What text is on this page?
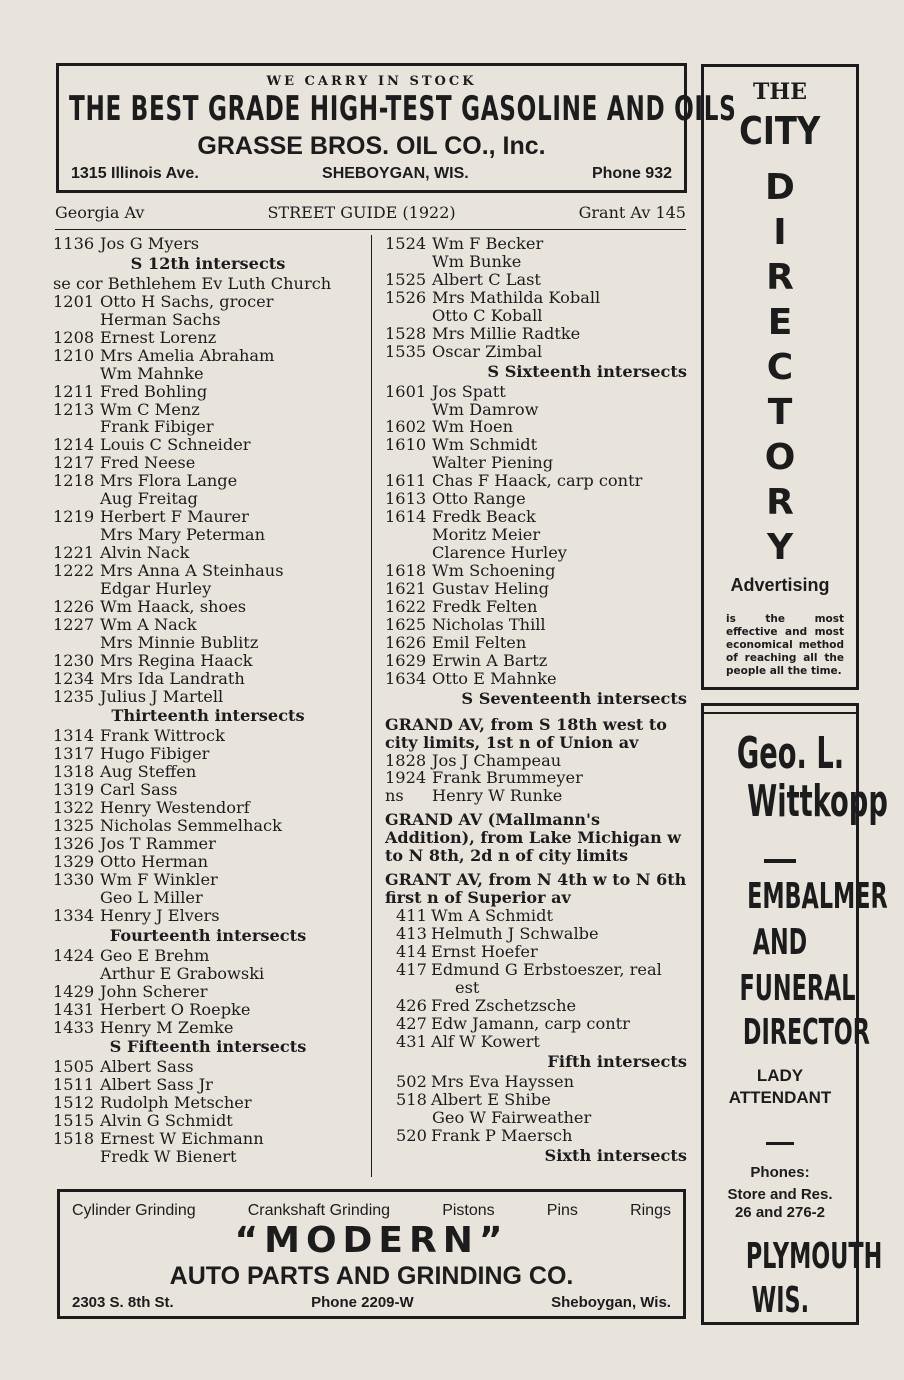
WE CARRY IN STOCK
THE BEST GRADE HIGH-TEST GASOLINE AND OILS
GRASSE BROS. OIL CO., Inc.
1315 Illinois Ave.	SHEBOYGAN, WIS.	Phone 932
Georgia Av	STREET GUIDE (1922)	Grant Av 145
1136 Jos G Myers
S 12th intersects
se cor Bethlehem Ev Luth Church
1201 Otto H Sachs, grocer
Herman Sachs
1208 Ernest Lorenz
1210 Mrs Amelia Abraham
Wm Mahnke
1211 Fred Bohling
1213 Wm C Menz
Frank Fibiger
1214 Louis C Schneider
1217 Fred Neese
1218 Mrs Flora Lange
Aug Freitag
1219 Herbert F Maurer
Mrs Mary Peterman
1221 Alvin Nack
1222 Mrs Anna A Steinhaus
Edgar Hurley
1226 Wm Haack, shoes
1227 Wm A Nack
Mrs Minnie Bublitz
1230 Mrs Regina Haack
1234 Mrs Ida Landrath
1235 Julius J Martell
Thirteenth intersects
1314 Frank Wittrock
1317 Hugo Fibiger
1318 Aug Steffen
1319 Carl Sass
1322 Henry Westendorf
1325 Nicholas Semmelhack
1326 Jos T Rammer
1329 Otto Herman
1330 Wm F Winkler
Geo L Miller
1334 Henry J Elvers
Fourteenth intersects
1424 Geo E Brehm
Arthur E Grabowski
1429 John Scherer
1431 Herbert O Roepke
1433 Henry M Zemke
S Fifteenth intersects
1505 Albert Sass
1511 Albert Sass Jr
1512 Rudolph Metscher
1515 Alvin G Schmidt
1518 Ernest W Eichmann
Fredk W Bienert
1524 Wm F Becker
Wm Bunke
1525 Albert C Last
1526 Mrs Mathilda Koball
Otto C Koball
1528 Mrs Millie Radtke
1535 Oscar Zimbal
S Sixteenth intersects
1601 Jos Spatt
Wm Damrow
1602 Wm Hoen
1610 Wm Schmidt
Walter Piening
1611 Chas F Haack, carp contr
1613 Otto Range
1614 Fredk Beack
Moritz Meier
Clarence Hurley
1618 Wm Schoening
1621 Gustav Heling
1622 Fredk Felten
1625 Nicholas Thill
1626 Emil Felten
1629 Erwin A Bartz
1634 Otto E Mahnke
S Seventeenth intersects
GRAND AV, from S 18th west to city limits, 1st n of Union av
1828 Jos J Champeau
1924 Frank Brummeyer
ns Henry W Runke
GRAND AV (Mallmann's Addition), from Lake Michigan w to N 8th, 2d n of city limits
GRANT AV, from N 4th w to N 6th first n of Superior av
411 Wm A Schmidt
413 Helmuth J Schwalbe
414 Ernst Hoefer
417 Edmund G Erbstoeszer, real
est
426 Fred Zschetzsche
427 Edw Jamann, carp contr
431 Alf W Kowert
Fifth intersects
502 Mrs Eva Hayssen
518 Albert E Shibe
Geo W Fairweather
520 Frank P Maersch
Sixth intersects
Cylinder Grinding	Crankshaft Grinding	Pistons	Pins	Rings
“MODERN”
AUTO PARTS AND GRINDING CO.
2303 S. 8th St.	Phone 2209-W	Sheboygan, Wis.
THE
CITY
D
I
R
E
C
T
O
R
Y
Advertising
is the most effective and most economical method of reaching all the people all the time.
Geo. L.
Wittkopp
EMBALMER
AND
FUNERAL
DIRECTOR
LADY
ATTENDANT
Phones:
Store and Res.
26 and 276-2
PLYMOUTH
WIS.
